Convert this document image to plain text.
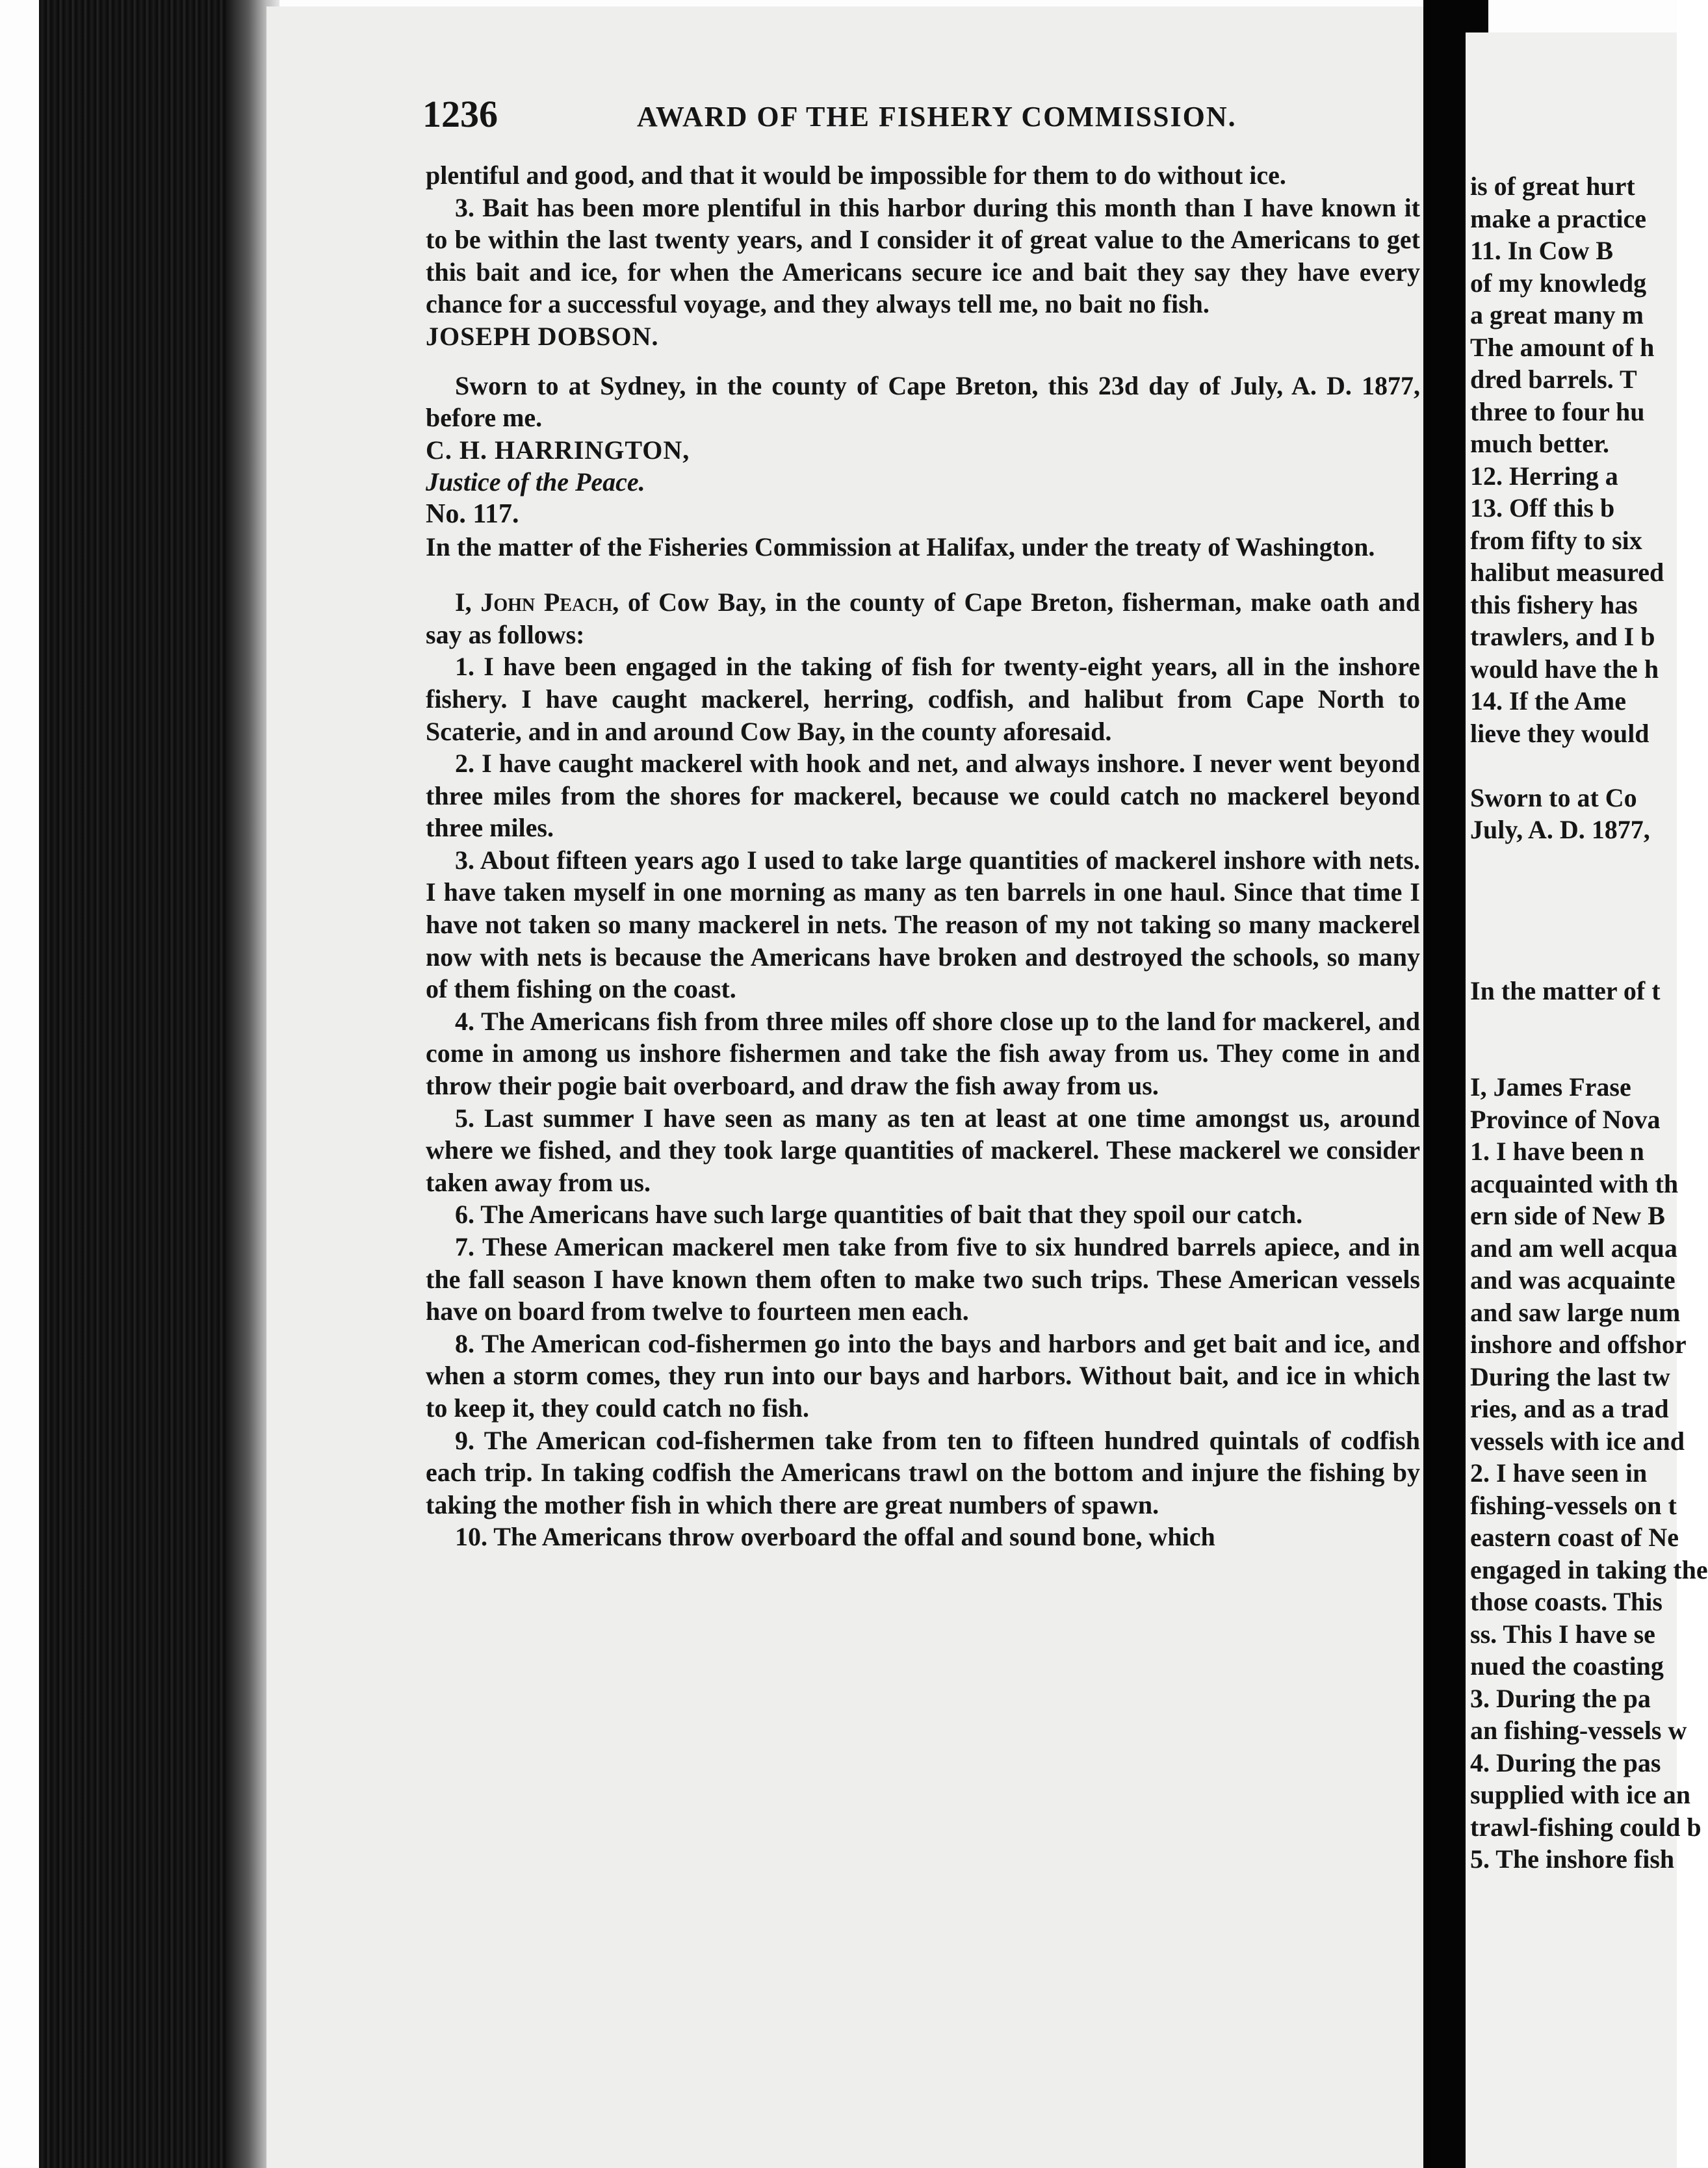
1236	AWARD OF THE FISHERY COMMISSION.

plentiful and good, and that it would be impossible for them to do without ice.

3. Bait has been more plentiful in this harbor during this month than I have known it to be within the last twenty years, and I consider it of great value to the Americans to get this bait and ice, for when the Americans secure ice and bait they say they have every chance for a successful voyage, and they always tell me, no bait no fish.

JOSEPH DOBSON.

Sworn to at Sydney, in the county of Cape Breton, this 23d day of July, A. D. 1877, before me.

C. H. HARRINGTON,

Justice of the Peace.

No. 117.

In the matter of the Fisheries Commission at Halifax, under the treaty of Washington.

I, John Peach, of Cow Bay, in the county of Cape Breton, fisherman, make oath and say as follows:

1. I have been engaged in the taking of fish for twenty-eight years, all in the inshore fishery. I have caught mackerel, herring, codfish, and halibut from Cape North to Scaterie, and in and around Cow Bay, in the county aforesaid.

2. I have caught mackerel with hook and net, and always inshore. I never went beyond three miles from the shores for mackerel, because we could catch no mackerel beyond three miles.

3. About fifteen years ago I used to take large quantities of mackerel inshore with nets. I have taken myself in one morning as many as ten barrels in one haul. Since that time I have not taken so many mackerel in nets. The reason of my not taking so many mackerel now with nets is because the Americans have broken and destroyed the schools, so many of them fishing on the coast.

4. The Americans fish from three miles off shore close up to the land for mackerel, and come in among us inshore fishermen and take the fish away from us. They come in and throw their pogie bait overboard, and draw the fish away from us.

5. Last summer I have seen as many as ten at least at one time amongst us, around where we fished, and they took large quantities of mackerel. These mackerel we consider taken away from us.

6. The Americans have such large quantities of bait that they spoil our catch.

7. These American mackerel men take from five to six hundred barrels apiece, and in the fall season I have known them often to make two such trips. These American vessels have on board from twelve to fourteen men each.

8. The American cod-fishermen go into the bays and harbors and get bait and ice, and when a storm comes, they run into our bays and harbors. Without bait, and ice in which to keep it, they could catch no fish.

9. The American cod-fishermen take from ten to fifteen hundred quintals of codfish each trip. In taking codfish the Americans trawl on the bottom and injure the fishing by taking the mother fish in which there are great numbers of spawn.

10. The Americans throw overboard the offal and sound bone, which

is of great hurt
make a practice
11. In Cow B
of my knowledg
a great many m
The amount of h
dred barrels. T
three to four hu
much better.
12. Herring a
13. Off this b
from fifty to six
halibut measured
this fishery has
trawlers, and I b
would have the h
14. If the Ame
lieve they would
Sworn to at Co
July, A. D. 1877,
In the matter of t
I, James Frase
Province of Nova
1. I have been n
acquainted with th
ern side of New B
and am well acqua
and was acquainte
and saw large num
inshore and offshor
During the last tw
ries, and as a trad
vessels with ice and
2. I have seen in
fishing-vessels on t
eastern coast of Ne
engaged in taking the
those coasts. This
ss. This I have se
nued the coasting
3. During the pa
an fishing-vessels w
4. During the pas
supplied with ice an
trawl-fishing could b
5. The inshore fish
